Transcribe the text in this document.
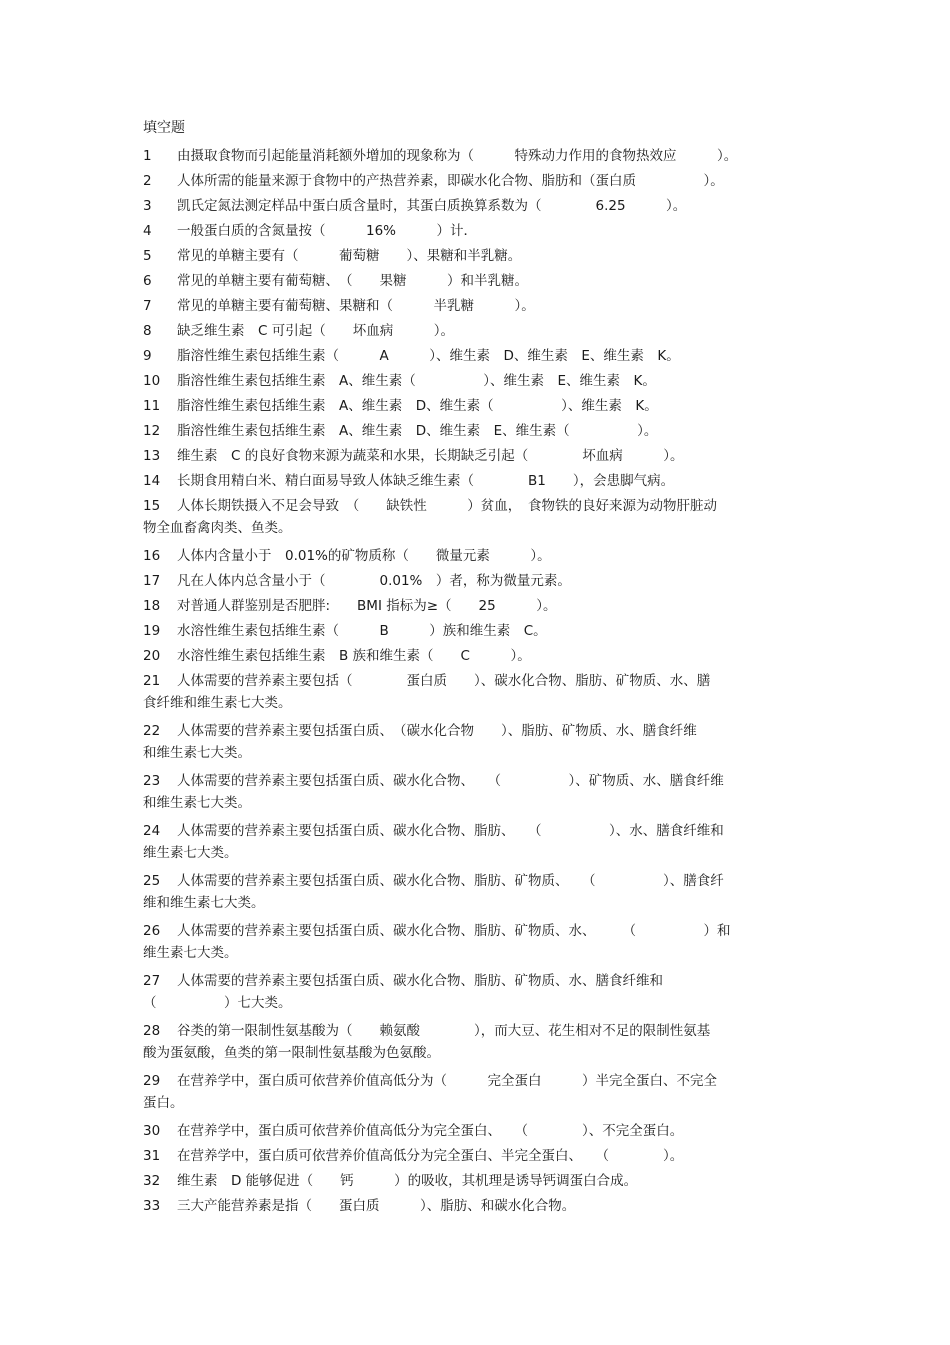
填空题
1 由摄取食物而引起能量消耗额外增加的现象称为（　　　特殊动力作用的食物热效应　　　）。
2 人体所需的能量来源于食物中的产热营养素，即碳水化合物、脂肪和（蛋白质　　　　　）。
3 凯氏定氮法测定样品中蛋白质含量时，其蛋白质换算系数为（　　　　6.25　　　）。
4 一般蛋白质的含氮量按（　　　16%　　　）计．
5 常见的单糖主要有（　　　葡萄糖　　）、果糖和半乳糖。
6 常见的单糖主要有葡萄糖、　（　　果糖　　　）和半乳糖。
7 常见的单糖主要有葡萄糖、果糖和（　　　半乳糖　　　）。
8 缺乏维生素　C 可引起（　　坏血病　　　）。
9 脂溶性维生素包括维生素（　　　A　　　）、维生素　D、维生素　E、维生素　K。
10 脂溶性维生素包括维生素　A、维生素（　　　　　）、维生素　E、维生素　K。
11 脂溶性维生素包括维生素　A、维生素　D、维生素（　　　　　）、维生素　K。
12 脂溶性维生素包括维生素　A、维生素　D、维生素　E、维生素（　　　　　）。
13 维生素　C 的良好食物来源为蔬菜和水果，长期缺乏引起（　　　　坏血病　　　）。
14 长期食用精白米、精白面易导致人体缺乏维生素（　　　　B1　　），会患脚气病。
15 人体长期铁摄入不足会导致　（　　缺铁性　　　）贫血，　食物铁的良好来源为动物肝脏动
物全血畜禽肉类、鱼类。
16 人体内含量小于　0.01%的矿物质称（　　微量元素　　　）。
17 凡在人体内总含量小于（　　　　0.01%　）者，称为微量元素。
18 对普通人群鉴别是否肥胖:　　BMI 指标为≥（　　25　　　）。
19 水溶性维生素包括维生素（　　　B　　　）族和维生素　C。
20 水溶性维生素包括维生素　B 族和维生素（　　C　　　）。
21 人体需要的营养素主要包括（　　　　蛋白质　　）、碳水化合物、脂肪、矿物质、水、膳
食纤维和维生素七大类。
22 人体需要的营养素主要包括蛋白质、　（碳水化合物　　）、脂肪、矿物质、水、膳食纤维
和维生素七大类。
23 人体需要的营养素主要包括蛋白质、碳水化合物、　　（　　　　　）、矿物质、水、膳食纤维
和维生素七大类。
24 人体需要的营养素主要包括蛋白质、碳水化合物、脂肪、　　（　　　　　）、水、膳食纤维和
维生素七大类。
25 人体需要的营养素主要包括蛋白质、碳水化合物、脂肪、矿物质、　　（　　　　　）、膳食纤
维和维生素七大类。
26 人体需要的营养素主要包括蛋白质、碳水化合物、脂肪、矿物质、水、　　　（　　　　　）和
维生素七大类。
27 人体需要的营养素主要包括蛋白质、碳水化合物、脂肪、矿物质、水、膳食纤维和
（　　　　　）七大类。
28 谷类的第一限制性氨基酸为（　　赖氨酸　　　　），而大豆、花生相对不足的限制性氨基
酸为蛋氨酸，鱼类的第一限制性氨基酸为色氨酸。
29 在营养学中，蛋白质可依营养价值高低分为（　　　完全蛋白　　　）半完全蛋白、不完全
蛋白。
30 在营养学中，蛋白质可依营养价值高低分为完全蛋白、　　（　　　　）、不完全蛋白。
31 在营养学中，蛋白质可依营养价值高低分为完全蛋白、半完全蛋白、　　（　　　　）。
32 维生素　D 能够促进（　　钙　　　）的吸收，其机理是诱导钙调蛋白合成。
33 三大产能营养素是指（　　蛋白质　　　）、脂肪、和碳水化合物。
